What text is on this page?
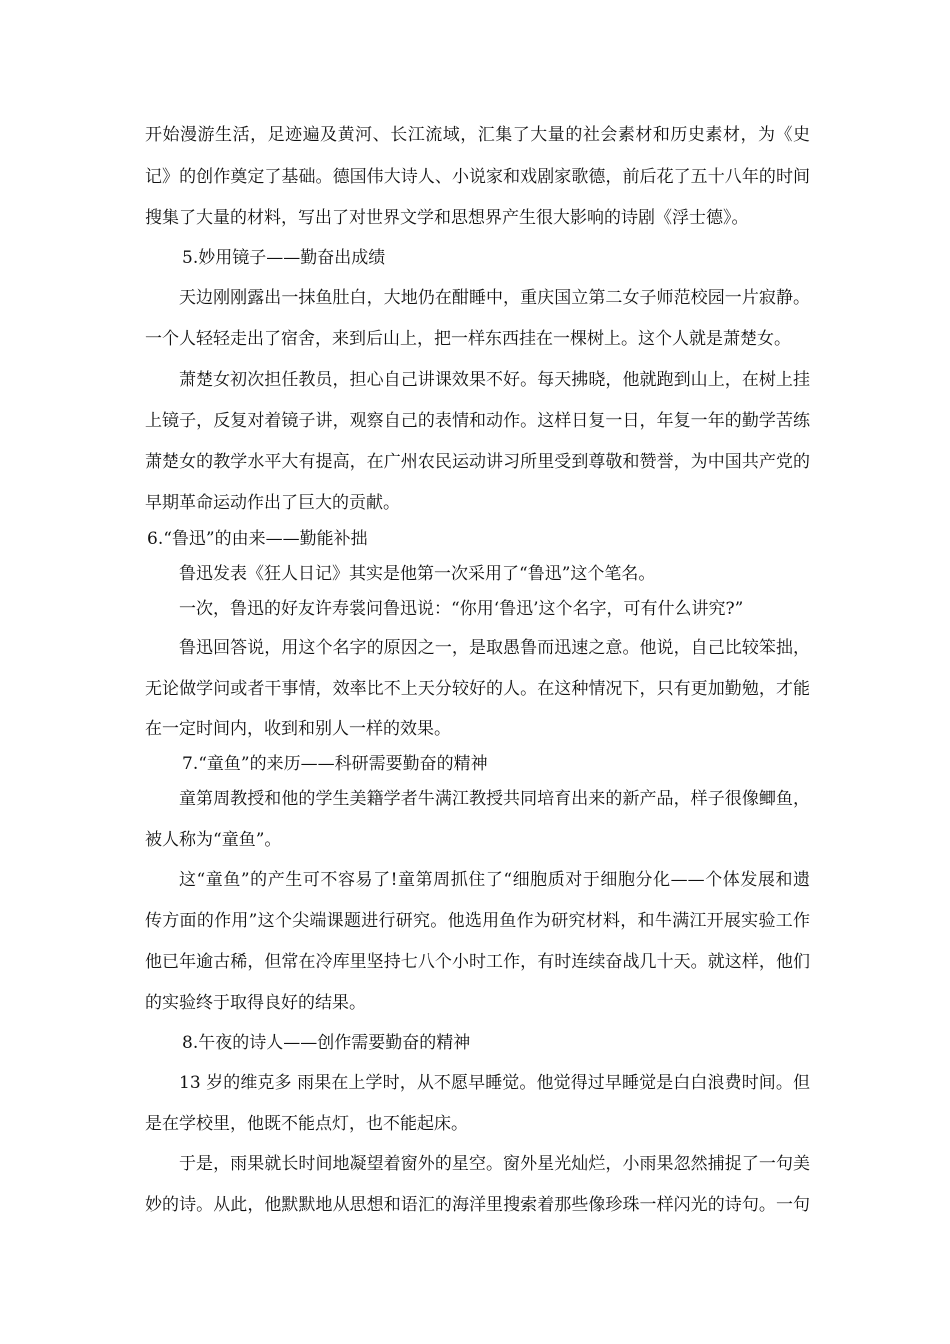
开始漫游生活，足迹遍及黄河、长江流域，汇集了大量的社会素材和历史素材，为《史
记》的创作奠定了基础。德国伟大诗人、小说家和戏剧家歌德，前后花了五十八年的时间
搜集了大量的材料，写出了对世界文学和思想界产生很大影响的诗剧《浮士德》。
5.妙用镜子——勤奋出成绩
天边刚刚露出一抹鱼肚白，大地仍在酣睡中，重庆国立第二女子师范校园一片寂静。
一个人轻轻走出了宿舍，来到后山上，把一样东西挂在一棵树上。这个人就是萧楚女。
萧楚女初次担任教员，担心自己讲课效果不好。每天拂晓，他就跑到山上，在树上挂
上镜子，反复对着镜子讲，观察自己的表情和动作。这样日复一日，年复一年的勤学苦练
萧楚女的教学水平大有提高，在广州农民运动讲习所里受到尊敬和赞誉，为中国共产党的
早期革命运动作出了巨大的贡献。
6.“鲁迅”的由来——勤能补拙
鲁迅发表《狂人日记》其实是他第一次采用了“鲁迅”这个笔名。
一次，鲁迅的好友许寿裳问鲁迅说：“你用‘鲁迅’这个名字，可有什么讲究?”
鲁迅回答说，用这个名字的原因之一，是取愚鲁而迅速之意。他说，自己比较笨拙，
无论做学问或者干事情，效率比不上天分较好的人。在这种情况下，只有更加勤勉，才能
在一定时间内，收到和别人一样的效果。
7.“童鱼”的来历——科研需要勤奋的精神
童第周教授和他的学生美籍学者牛满江教授共同培育出来的新产品，样子很像鲫鱼，
被人称为“童鱼”。
这“童鱼”的产生可不容易了!童第周抓住了“细胞质对于细胞分化——个体发展和遗
传方面的作用”这个尖端课题进行研究。他选用鱼作为研究材料，和牛满江开展实验工作
他已年逾古稀，但常在冷库里坚持七八个小时工作，有时连续奋战几十天。就这样，他们
的实验终于取得良好的结果。
8.午夜的诗人——创作需要勤奋的精神
13 岁的维克多 雨果在上学时，从不愿早睡觉。他觉得过早睡觉是白白浪费时间。但
是在学校里，他既不能点灯，也不能起床。
于是，雨果就长时间地凝望着窗外的星空。窗外星光灿烂，小雨果忽然捕捉了一句美
妙的诗。从此，他默默地从思想和语汇的海洋里搜索着那些像珍珠一样闪光的诗句。一句
